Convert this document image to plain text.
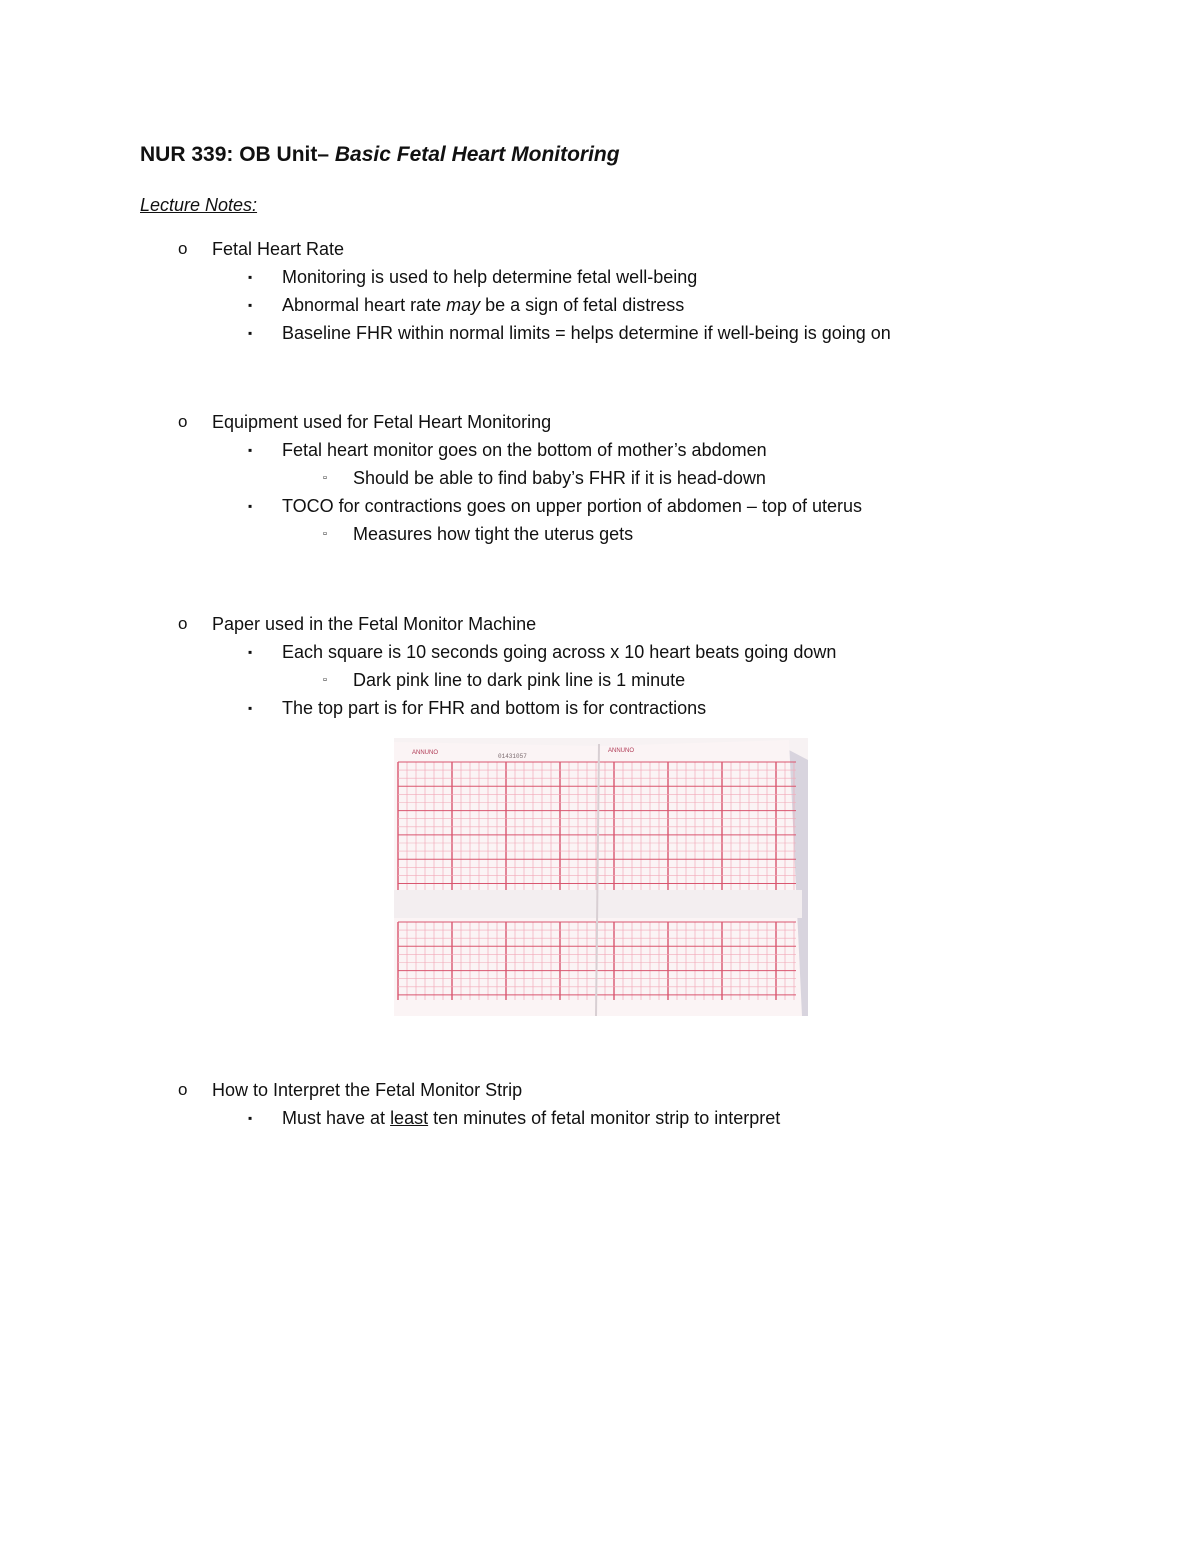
NUR 339: OB Unit– Basic Fetal Heart Monitoring
Lecture Notes:
o Fetal Heart Rate
▪ Monitoring is used to help determine fetal well-being
▪ Abnormal heart rate may be a sign of fetal distress
▪ Baseline FHR within normal limits = helps determine if well-being is going on
o Equipment used for Fetal Heart Monitoring
▪ Fetal heart monitor goes on the bottom of mother’s abdomen
▫ Should be able to find baby’s FHR if it is head-down
▪ TOCO for contractions goes on upper portion of abdomen – top of uterus
▫ Measures how tight the uterus gets
o Paper used in the Fetal Monitor Machine
▪ Each square is 10 seconds going across x 10 heart beats going down
▫ Dark pink line to dark pink line is 1 minute
▪ The top part is for FHR and bottom is for contractions
ANNUNO	01431057
ANNUNO
o How to Interpret the Fetal Monitor Strip
▪ Must have at least ten minutes of fetal monitor strip to interpret
